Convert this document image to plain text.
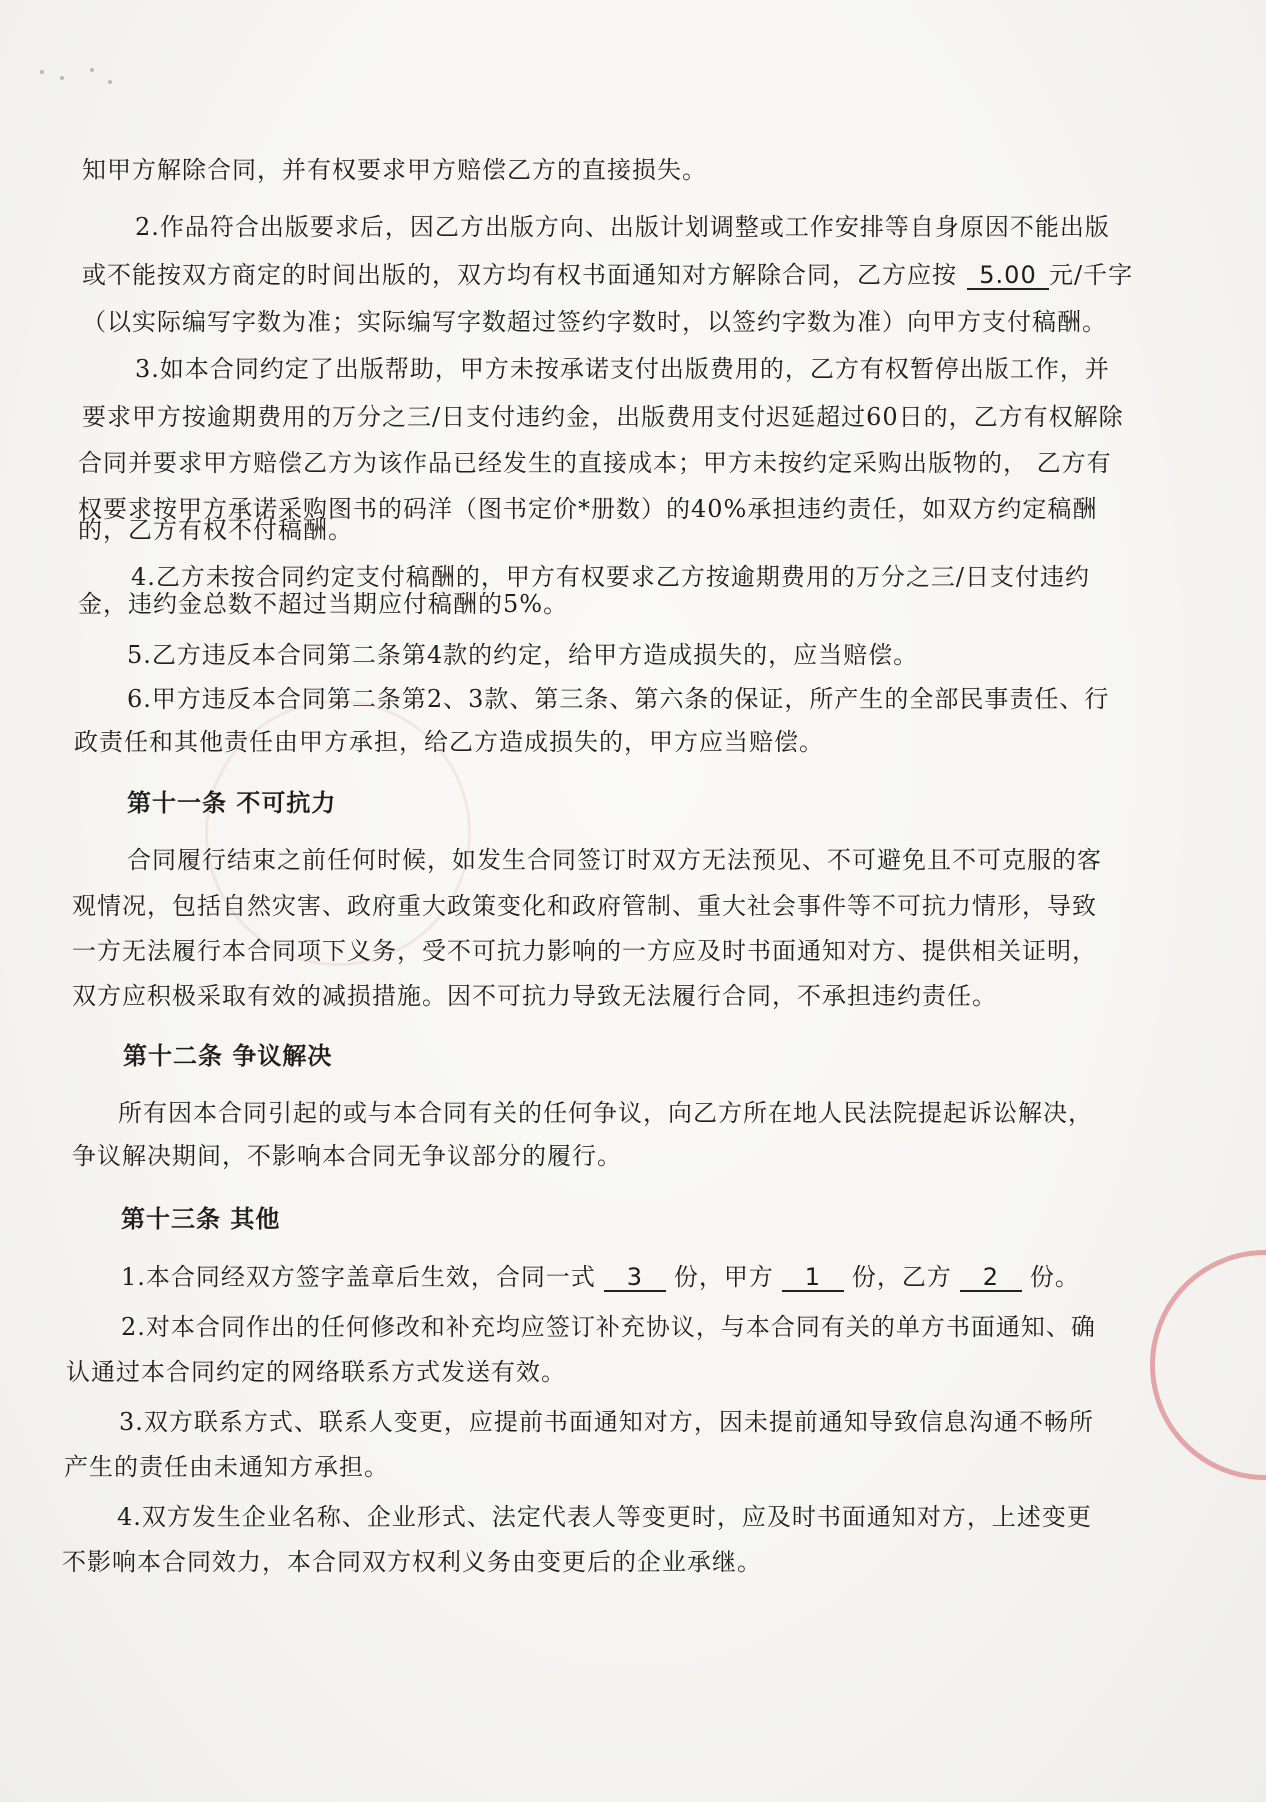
知甲方解除合同，并有权要求甲方赔偿乙方的直接损失。
2.作品符合出版要求后，因乙方出版方向、出版计划调整或工作安排等自身原因不能出版
或不能按双方商定的时间出版的，双方均有权书面通知对方解除合同，乙方应按 5.00 元/千字
（以实际编写字数为准；实际编写字数超过签约字数时，以签约字数为准）向甲方支付稿酬。
3.如本合同约定了出版帮助，甲方未按承诺支付出版费用的，乙方有权暂停出版工作，并
要求甲方按逾期费用的万分之三/日支付违约金，出版费用支付迟延超过60日的，乙方有权解除
合同并要求甲方赔偿乙方为该作品已经发生的直接成本；甲方未按约定采购出版物的， 乙方有
权要求按甲方承诺采购图书的码洋（图书定价*册数）的40%承担违约责任，如双方约定稿酬
的，乙方有权不付稿酬。
4.乙方未按合同约定支付稿酬的，甲方有权要求乙方按逾期费用的万分之三/日支付违约
金，违约金总数不超过当期应付稿酬的5%。
5.乙方违反本合同第二条第4款的约定，给甲方造成损失的，应当赔偿。
6.甲方违反本合同第二条第2、3款、第三条、第六条的保证，所产生的全部民事责任、行
政责任和其他责任由甲方承担，给乙方造成损失的，甲方应当赔偿。
第十一条 不可抗力
合同履行结束之前任何时候，如发生合同签订时双方无法预见、不可避免且不可克服的客
观情况，包括自然灾害、政府重大政策变化和政府管制、重大社会事件等不可抗力情形，导致
一方无法履行本合同项下义务，受不可抗力影响的一方应及时书面通知对方、提供相关证明，
双方应积极采取有效的减损措施。因不可抗力导致无法履行合同，不承担违约责任。
第十二条 争议解决
所有因本合同引起的或与本合同有关的任何争议，向乙方所在地人民法院提起诉讼解决，
争议解决期间，不影响本合同无争议部分的履行。
第十三条 其他
1.本合同经双方签字盖章后生效，合同一式 3 份，甲方 1 份，乙方 2 份。
2.对本合同作出的任何修改和补充均应签订补充协议，与本合同有关的单方书面通知、确
认通过本合同约定的网络联系方式发送有效。
3.双方联系方式、联系人变更，应提前书面通知对方，因未提前通知导致信息沟通不畅所
产生的责任由未通知方承担。
4.双方发生企业名称、企业形式、法定代表人等变更时，应及时书面通知对方，上述变更
不影响本合同效力，本合同双方权利义务由变更后的企业承继。
